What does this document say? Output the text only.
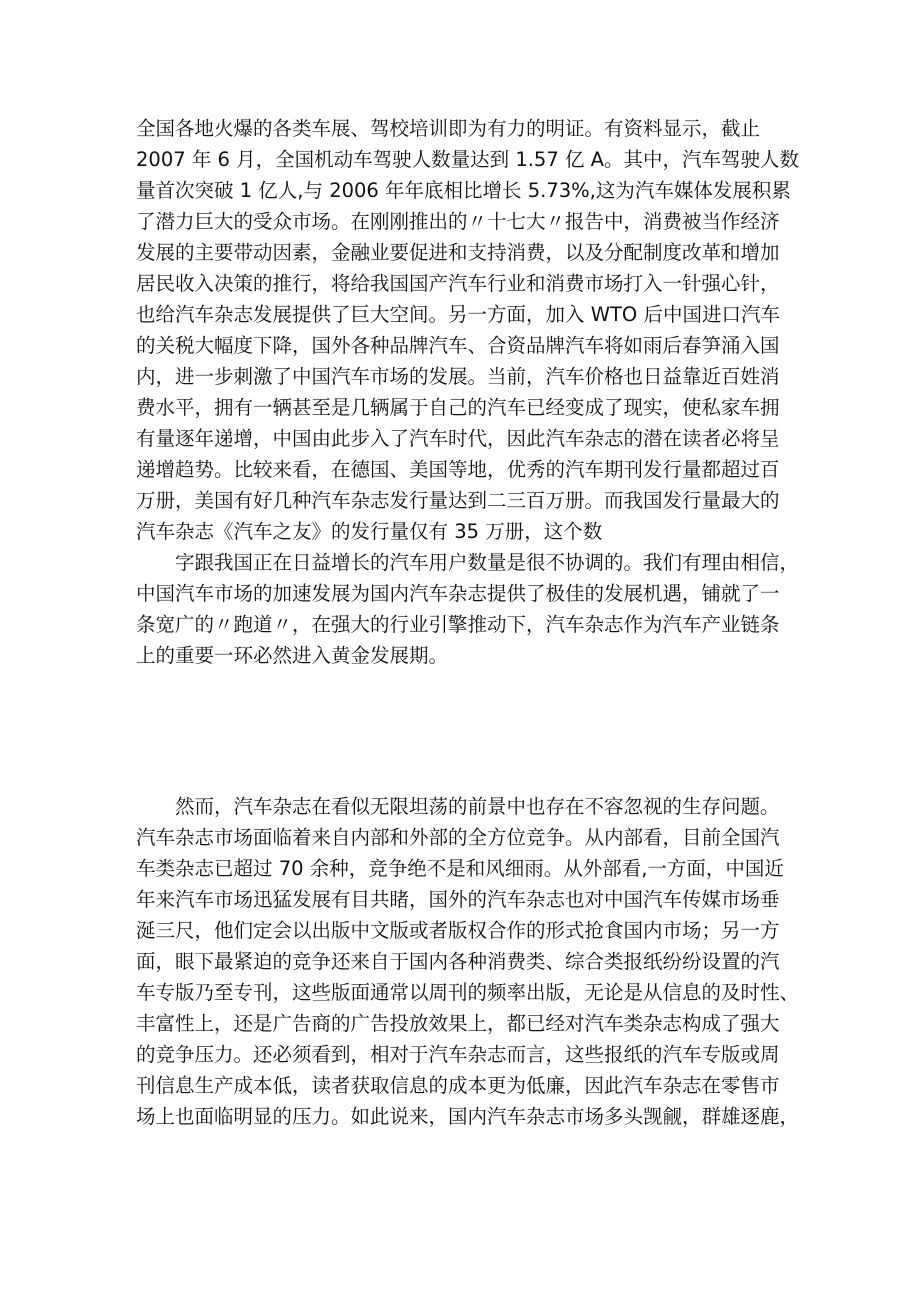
全国各地火爆的各类车展、驾校培训即为有力的明证。有资料显示，截止
2007 年 6 月，全国机动车驾驶人数量达到 1.57 亿 A。其中，汽车驾驶人数
量首次突破 1 亿人,与 2006 年年底相比增长 5.73%,这为汽车媒体发展积累
了潜力巨大的受众市场。在刚刚推出的〃十七大〃报告中，消费被当作经济
发展的主要带动因素，金融业要促进和支持消费，以及分配制度改革和增加
居民收入决策的推行，将给我国国产汽车行业和消费市场打入一针强心针，
也给汽车杂志发展提供了巨大空间。另一方面，加入 WTO 后中国进口汽车
的关税大幅度下降，国外各种品牌汽车、合资品牌汽车将如雨后春笋涌入国
内，进一步刺激了中国汽车市场的发展。当前，汽车价格也日益靠近百姓消
费水平，拥有一辆甚至是几辆属于自己的汽车已经变成了现实，使私家车拥
有量逐年递增，中国由此步入了汽车时代，因此汽车杂志的潜在读者必将呈
递增趋势。比较来看，在德国、美国等地，优秀的汽车期刊发行量都超过百
万册，美国有好几种汽车杂志发行量达到二三百万册。而我国发行量最大的
汽车杂志《汽车之友》的发行量仅有 35 万册，这个数
　　字跟我国正在日益增长的汽车用户数量是很不协调的。我们有理由相信，
中国汽车市场的加速发展为国内汽车杂志提供了极佳的发展机遇，铺就了一
条宽广的〃跑道〃，在强大的行业引擎推动下，汽车杂志作为汽车产业链条
上的重要一环必然进入黄金发展期。
　　然而，汽车杂志在看似无限坦荡的前景中也存在不容忽视的生存问题。
汽车杂志市场面临着来自内部和外部的全方位竞争。从内部看，目前全国汽
车类杂志已超过 70 余种，竞争绝不是和风细雨。从外部看,一方面，中国近
年来汽车市场迅猛发展有目共睹，国外的汽车杂志也对中国汽车传媒市场垂
涎三尺，他们定会以出版中文版或者版权合作的形式抢食国内市场；另一方
面，眼下最紧迫的竞争还来自于国内各种消费类、综合类报纸纷纷设置的汽
车专版乃至专刊，这些版面通常以周刊的频率出版，无论是从信息的及时性、
丰富性上，还是广告商的广告投放效果上，都已经对汽车类杂志构成了强大
的竞争压力。还必须看到，相对于汽车杂志而言，这些报纸的汽车专版或周
刊信息生产成本低，读者获取信息的成本更为低廉，因此汽车杂志在零售市
场上也面临明显的压力。如此说来，国内汽车杂志市场多头觊觎，群雄逐鹿，
